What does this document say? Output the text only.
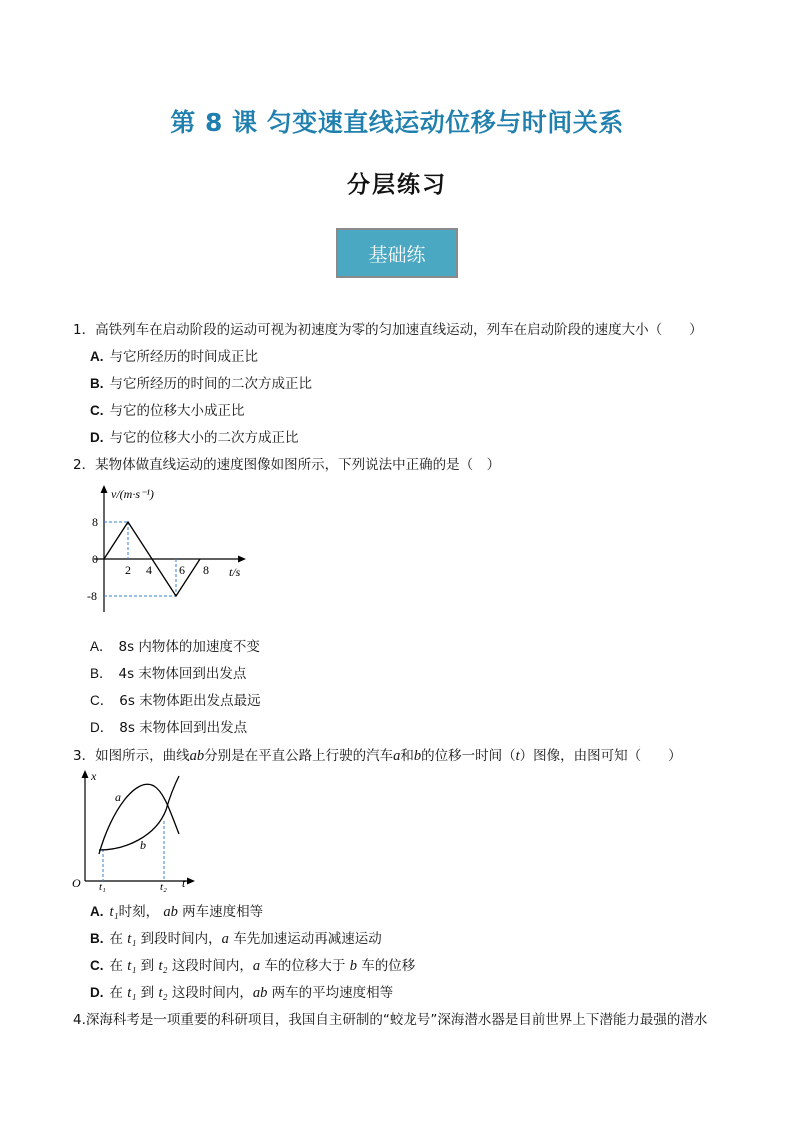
第 8 课 匀变速直线运动位移与时间关系
分层练习
基础练
1．高铁列车在启动阶段的运动可视为初速度为零的匀加速直线运动，列车在启动阶段的速度大小（　　）
A. 与它所经历的时间成正比
B. 与它所经历的时间的二次方成正比
C. 与它的位移大小成正比
D. 与它的位移大小的二次方成正比
2．某物体做直线运动的速度图像如图所示，下列说法中正确的是（　）
v/(m·s⁻¹)
8
0
-8
2 4 6 8 t/s
A． 8s 内物体的加速度不变
B． 4s 末物体回到出发点
C． 6s 末物体距出发点最远
D． 8s 末物体回到出发点
3．如图所示，曲线ab分别是在平直公路上行驶的汽车a和b的位移一时间（t）图像，由图可知（　　）
x
a
b
O t₁	t₂ t
A. t₁时刻， ab 两车速度相等
B. 在 t₁ 到段时间内，a 车先加速运动再减速运动
C. 在 t₁ 到 t₂ 这段时间内，a 车的位移大于 b 车的位移
D. 在 t₁ 到 t₂ 这段时间内，ab 两车的平均速度相等
4.深海科考是一项重要的科研项目，我国自主研制的“蛟龙号”深海潜水器是目前世界上下潜能力最强的潜水
